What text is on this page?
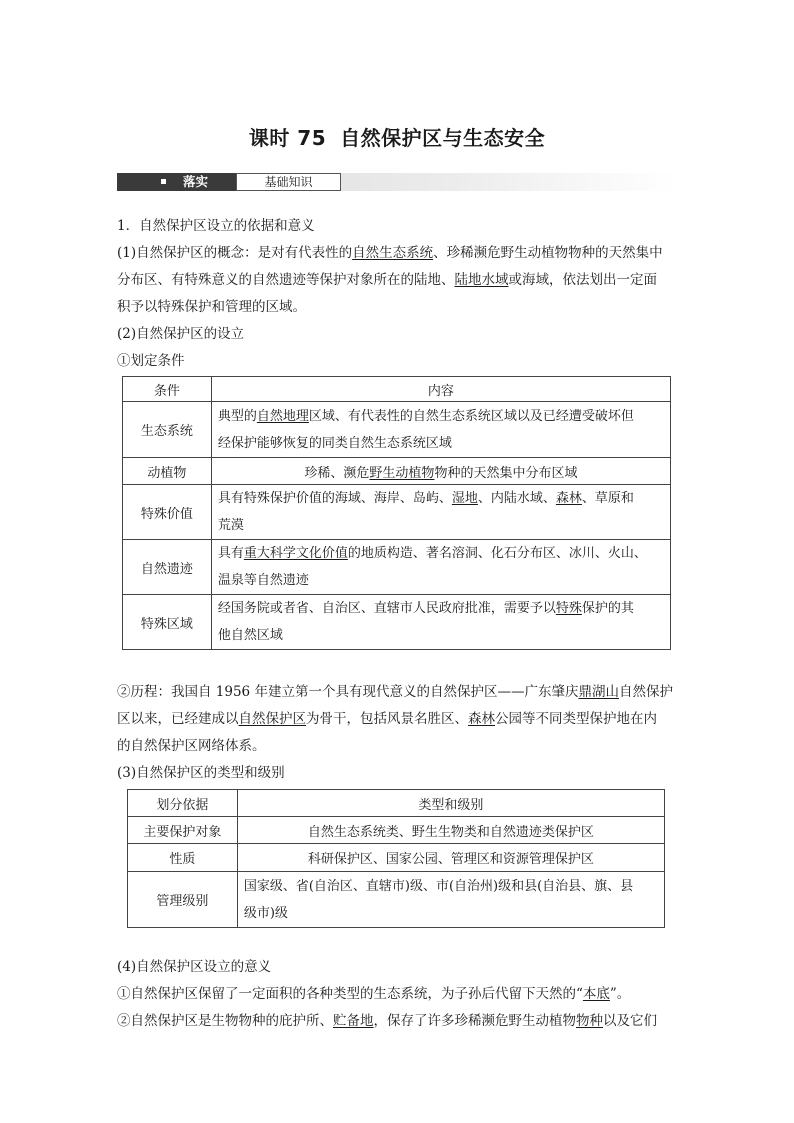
课时 75 自然保护区与生态安全
落实	基础知识
1．自然保护区设立的依据和意义
(1)自然保护区的概念：是对有代表性的自然生态系统、珍稀濒危野生动植物物种的天然集中
分布区、有特殊意义的自然遗迹等保护对象所在的陆地、陆地水域或海域，依法划出一定面
积予以特殊保护和管理的区域。
(2)自然保护区的设立
①划定条件
条件	内容
生态系统	典型的自然地理区域、有代表性的自然生态系统区域以及已经遭受破坏但
经保护能够恢复的同类自然生态系统区域
动植物	珍稀、濒危野生动植物物种的天然集中分布区域
特殊价值	具有特殊保护价值的海域、海岸、岛屿、湿地、内陆水域、森林、草原和
荒漠
自然遗迹	具有重大科学文化价值的地质构造、著名溶洞、化石分布区、冰川、火山、
温泉等自然遗迹
特殊区域	经国务院或者省、自治区、直辖市人民政府批准，需要予以特殊保护的其
他自然区域
②历程：我国自 1956 年建立第一个具有现代意义的自然保护区——广东肇庆鼎湖山自然保护
区以来，已经建成以自然保护区为骨干，包括风景名胜区、森林公园等不同类型保护地在内
的自然保护区网络体系。
(3)自然保护区的类型和级别
划分依据	类型和级别
主要保护对象	自然生态系统类、野生生物类和自然遗迹类保护区
性质	科研保护区、国家公园、管理区和资源管理保护区
管理级别	国家级、省(自治区、直辖市)级、市(自治州)级和县(自治县、旗、县
级市)级
(4)自然保护区设立的意义
①自然保护区保留了一定面积的各种类型的生态系统，为子孙后代留下天然的“本底”。
②自然保护区是生物物种的庇护所、贮备地，保存了许多珍稀濒危野生动植物物种以及它们
